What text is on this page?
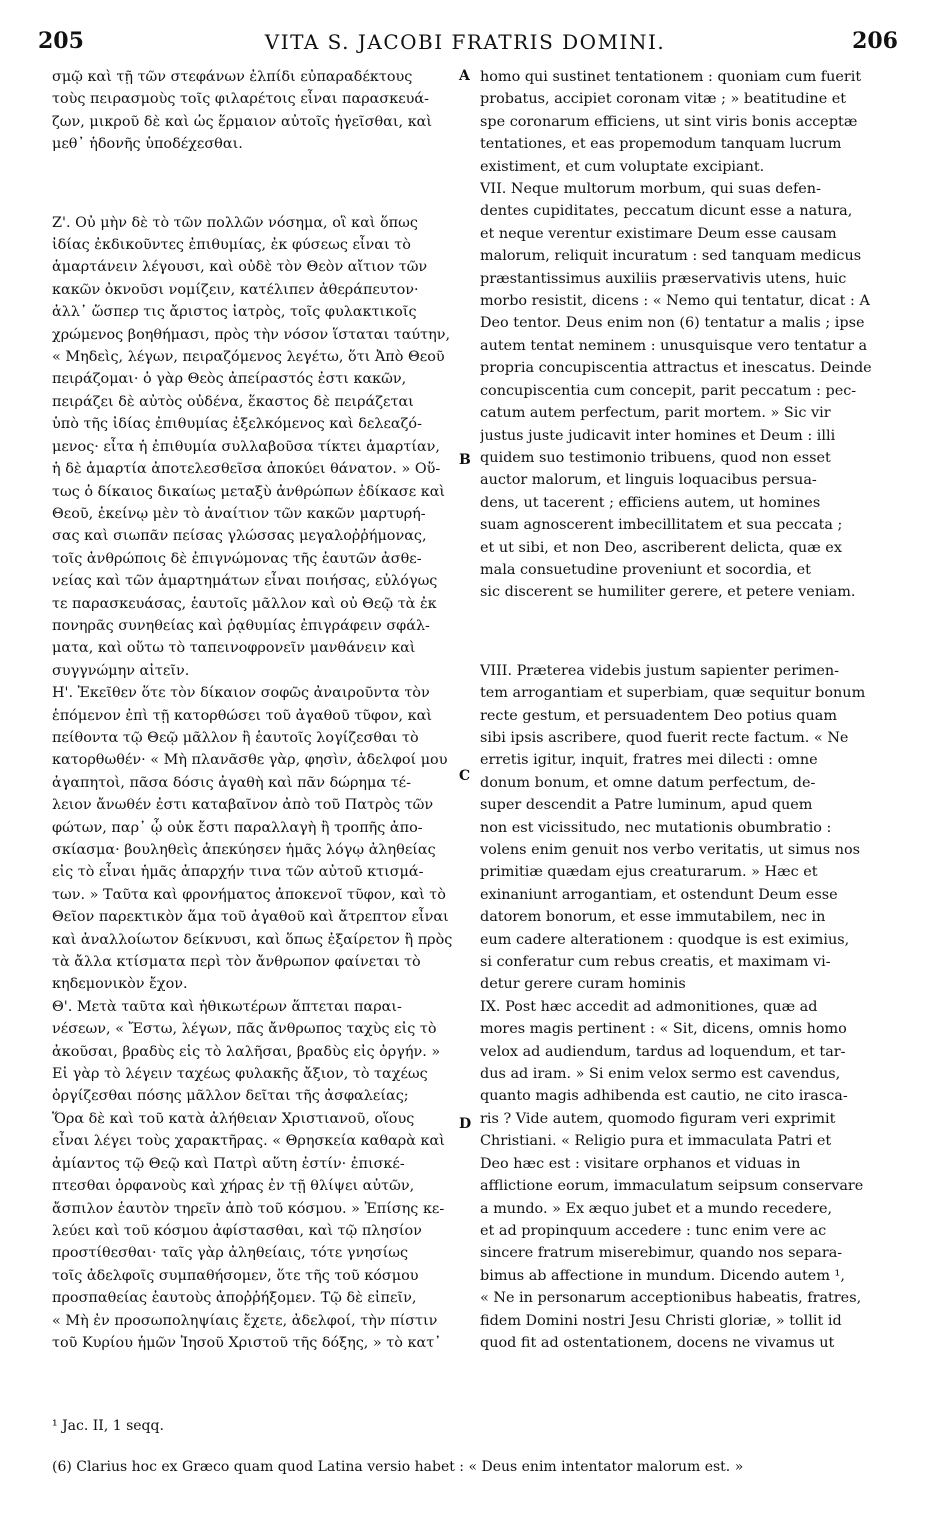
205	VITA S. JACOBI FRATRIS DOMINI.	206
σμῷ καὶ τῇ τῶν στεφάνων ἐλπίδι εὐπαραδέκτους
τοὺς πειρασμοὺς τοῖς φιλαρέτοις εἶναι παρασκευά-
ζων, μικροῦ δὲ καὶ ὡς ἕρμαιον αὐτοῖς ἡγεῖσθαι, καὶ
μεθ᾽ ἡδονῆς ὑποδέχεσθαι.
Ζ'. Οὐ μὴν δὲ τὸ τῶν πολλῶν νόσημα, οἳ καὶ ὅπως
ἰδίας ἐκδικοῦντες ἐπιθυμίας, ἐκ φύσεως εἶναι τὸ
ἁμαρτάνειν λέγουσι, καὶ οὐδὲ τὸν Θεὸν αἴτιον τῶν
κακῶν ὀκνοῦσι νομίζειν, κατέλιπεν ἀθεράπευτον·
ἀλλ᾽ ὥσπερ τις ἄριστος ἰατρὸς, τοῖς φυλακτικοῖς
χρώμενος βοηθήμασι, πρὸς τὴν νόσον ἵσταται ταύτην,
« Μηδεὶς, λέγων, πειραζόμενος λεγέτω, ὅτι Ἀπὸ Θεοῦ
πειράζομαι· ὁ γὰρ Θεὸς ἀπείραστός ἐστι κακῶν,
πειράζει δὲ αὐτὸς οὐδένα, ἕκαστος δὲ πειράζεται
ὑπὸ τῆς ἰδίας ἐπιθυμίας ἐξελκόμενος καὶ δελεαζό-
μενος· εἶτα ἡ ἐπιθυμία συλλαβοῦσα τίκτει ἁμαρτίαν,
ἡ δὲ ἁμαρτία ἀποτελεσθεῖσα ἀποκύει θάνατον. » Οὕ-
τως ὁ δίκαιος δικαίως μεταξὺ ἀνθρώπων ἐδίκασε καὶ
Θεοῦ, ἐκείνῳ μὲν τὸ ἀναίτιον τῶν κακῶν μαρτυρή-
σας καὶ σιωπᾶν πείσας γλώσσας μεγαλοῤῥήμονας,
τοῖς ἀνθρώποις δὲ ἐπιγνώμονας τῆς ἑαυτῶν ἀσθε-
νείας καὶ τῶν ἁμαρτημάτων εἶναι ποιήσας, εὐλόγως
τε παρασκευάσας, ἑαυτοῖς μᾶλλον καὶ οὐ Θεῷ τὰ ἐκ
πονηρᾶς συνηθείας καὶ ῥᾳθυμίας ἐπιγράφειν σφάλ-
ματα, καὶ οὕτω τὸ ταπεινοφρονεῖν μανθάνειν καὶ
συγγνώμην αἰτεῖν.
Η'. Ἐκεῖθεν ὅτε τὸν δίκαιον σοφῶς ἀναιροῦντα τὸν
ἑπόμενον ἐπὶ τῇ κατορθώσει τοῦ ἀγαθοῦ τῦφον, καὶ
πείθοντα τῷ Θεῷ μᾶλλον ἢ ἑαυτοῖς λογίζεσθαι τὸ
κατορθωθέν· « Μὴ πλανᾶσθε γὰρ, φησὶν, ἀδελφοί μου
ἀγαπητοὶ, πᾶσα δόσις ἀγαθὴ καὶ πᾶν δώρημα τέ-
λειον ἄνωθέν ἐστι καταβαῖνον ἀπὸ τοῦ Πατρὸς τῶν
φώτων, παρ᾽ ᾧ οὐκ ἔστι παραλλαγὴ ἢ τροπῆς ἀπο-
σκίασμα· βουληθεὶς ἀπεκύησεν ἡμᾶς λόγῳ ἀληθείας
εἰς τὸ εἶναι ἡμᾶς ἀπαρχήν τινα τῶν αὐτοῦ κτισμά-
των. » Ταῦτα καὶ φρονήματος ἀποκενοῖ τῦφον, καὶ τὸ
Θεῖον παρεκτικὸν ἅμα τοῦ ἀγαθοῦ καὶ ἄτρεπτον εἶναι
καὶ ἀναλλοίωτον δείκνυσι, καὶ ὅπως ἐξαίρετον ἢ πρὸς
τὰ ἄλλα κτίσματα περὶ τὸν ἄνθρωπον φαίνεται τὸ
κηδεμονικὸν ἔχον.
Θ'. Μετὰ ταῦτα καὶ ἠθικωτέρων ἅπτεται παραι-
νέσεων, « Ἔστω, λέγων, πᾶς ἄνθρωπος ταχὺς εἰς τὸ
ἀκοῦσαι, βραδὺς εἰς τὸ λαλῆσαι, βραδὺς εἰς ὀργήν. »
Εἰ γὰρ τὸ λέγειν ταχέως φυλακῆς ἄξιον, τὸ ταχέως
ὀργίζεσθαι πόσης μᾶλλον δεῖται τῆς ἀσφαλείας;
Ὅρα δὲ καὶ τοῦ κατὰ ἀλήθειαν Χριστιανοῦ, οἵους
εἶναι λέγει τοὺς χαρακτῆρας. « Θρησκεία καθαρὰ καὶ
ἀμίαντος τῷ Θεῷ καὶ Πατρὶ αὕτη ἐστίν· ἐπισκέ-
πτεσθαι ὀρφανοὺς καὶ χήρας ἐν τῇ θλίψει αὐτῶν,
ἄσπιλον ἑαυτὸν τηρεῖν ἀπὸ τοῦ κόσμου. » Ἐπίσης κε-
λεύει καὶ τοῦ κόσμου ἀφίστασθαι, καὶ τῷ πλησίον
προστίθεσθαι· ταῖς γὰρ ἀληθείαις, τότε γνησίως
τοῖς ἀδελφοῖς συμπαθήσομεν, ὅτε τῆς τοῦ κόσμου
προσπαθείας ἑαυτοὺς ἀποῤῥήξομεν. Τῷ δὲ εἰπεῖν,
« Μὴ ἐν προσωποληψίαις ἔχετε, ἀδελφοί, τὴν πίστιν
τοῦ Κυρίου ἡμῶν Ἰησοῦ Χριστοῦ τῆς δόξης, » τὸ κατ᾽
A
B
C
D
homo qui sustinet tentationem : quoniam cum fuerit
probatus, accipiet coronam vitæ ; » beatitudine et
spe coronarum efficiens, ut sint viris bonis acceptæ
tentationes, et eas propemodum tanquam lucrum
existiment, et cum voluptate excipiant.
VII. Neque multorum morbum, qui suas defen-
dentes cupiditates, peccatum dicunt esse a natura,
et neque verentur existimare Deum esse causam
malorum, reliquit incuratum : sed tanquam medicus
præstantissimus auxiliis præservativis utens, huic
morbo resistit, dicens : « Nemo qui tentatur, dicat : A
Deo tentor. Deus enim non (6) tentatur a malis ; ipse
autem tentat neminem : unusquisque vero tentatur a
propria concupiscentia attractus et inescatus. Deinde
concupiscentia cum concepit, parit peccatum : pec-
catum autem perfectum, parit mortem. » Sic vir
justus juste judicavit inter homines et Deum : illi
quidem suo testimonio tribuens, quod non esset
auctor malorum, et linguis loquacibus persua-
dens, ut tacerent ; efficiens autem, ut homines
suam agnoscerent imbecillitatem et sua peccata ;
et ut sibi, et non Deo, ascriberent delicta, quæ ex
mala consuetudine proveniunt et socordia, et
sic discerent se humiliter gerere, et petere veniam.
VIII. Præterea videbis justum sapienter perimen-
tem arrogantiam et superbiam, quæ sequitur bonum
recte gestum, et persuadentem Deo potius quam
sibi ipsis ascribere, quod fuerit recte factum. « Ne
erretis igitur, inquit, fratres mei dilecti : omne
donum bonum, et omne datum perfectum, de-
super descendit a Patre luminum, apud quem
non est vicissitudo, nec mutationis obumbratio :
volens enim genuit nos verbo veritatis, ut simus nos
primitiæ quædam ejus creaturarum. » Hæc et
exinaniunt arrogantiam, et ostendunt Deum esse
datorem bonorum, et esse immutabilem, nec in
eum cadere alterationem : quodque is est eximius,
si conferatur cum rebus creatis, et maximam vi-
detur gerere curam hominis
IX. Post hæc accedit ad admonitiones, quæ ad
mores magis pertinent : « Sit, dicens, omnis homo
velox ad audiendum, tardus ad loquendum, et tar-
dus ad iram. » Si enim velox sermo est cavendus,
quanto magis adhibenda est cautio, ne cito irasca-
ris ? Vide autem, quomodo figuram veri exprimit
Christiani. « Religio pura et immaculata Patri et
Deo hæc est : visitare orphanos et viduas in
afflictione eorum, immaculatum seipsum conservare
a mundo. » Ex æquo jubet et a mundo recedere,
et ad propinquum accedere : tunc enim vere ac
sincere fratrum miserebimur, quando nos separa-
bimus ab affectione in mundum. Dicendo autem ¹,
« Ne in personarum acceptionibus habeatis, fratres,
fidem Domini nostri Jesu Christi gloriæ, » tollit id
quod fit ad ostentationem, docens ne vivamus ut
¹ Jac. II, 1 seqq.
(6) Clarius hoc ex Græco quam quod Latina versio habet : « Deus enim intentator malorum est. »
